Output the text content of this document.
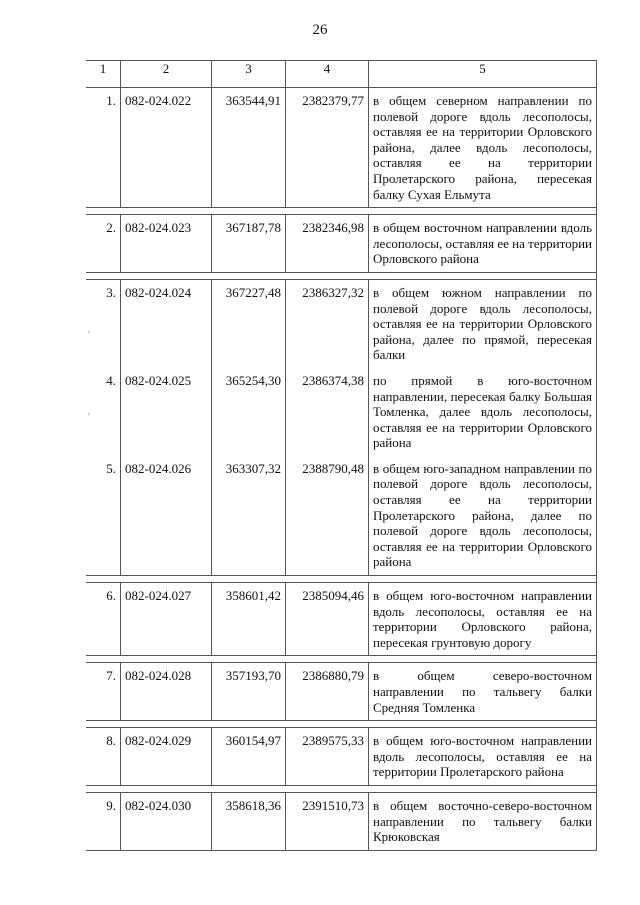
26
1	2	3	4	5
1.	082-024.022	363544,91	2382379,77	в общем северном направлении по полевой дороге вдоль лесополосы, оставляя ее на территории Орловского района, далее вдоль лесополосы, оставляя ее на территории Пролетарского района, пересекая балку Сухая Ельмута

2.	082-024.023	367187,78	2382346,98	в общем восточном направлении вдоль лесополосы, оставляя ее на территории Орловского района

3.	082-024.024	367227,48	2386327,32	в общем южном направлении по полевой дороге вдоль лесополосы, оставляя ее на территории Орловского района, далее по прямой, пересекая балки
4.	082-024.025	365254,30	2386374,38	по прямой в юго-восточном направлении, пересекая балку Большая Томленка, далее вдоль лесополосы, оставляя ее на территории Орловского района
5.	082-024.026	363307,32	2388790,48	в общем юго-западном направлении по полевой дороге вдоль лесополосы, оставляя ее на территории Пролетарского района, далее по полевой дороге вдоль лесополосы, оставляя ее на территории Орловского района

6.	082-024.027	358601,42	2385094,46	в общем юго-восточном направлении вдоль лесополосы, оставляя ее на территории Орловского района, пересекая грунтовую дорогу

7.	082-024.028	357193,70	2386880,79	в общем северо-восточном направлении по тальвегу балки Средняя Томленка

8.	082-024.029	360154,97	2389575,33	в общем юго-восточном направлении вдоль лесополосы, оставляя ее на территории Пролетарского района

9.	082-024.030	358618,36	2391510,73	в общем восточно-северо-восточном направлении по тальвегу балки Крюковская
'
'
